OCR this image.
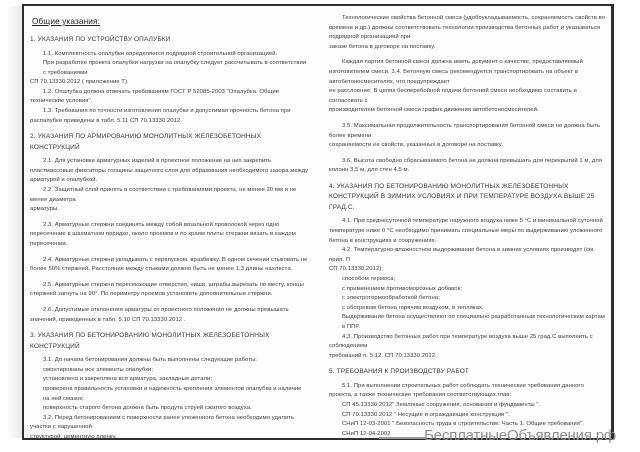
Общие указания:
1. УКАЗАНИЯ ПО УСТРОЙСТВУ ОПАЛУБКИ

1.1. Комплектность опалубки определяется подрядной строительной организацией.

При разработке проекта опалубки нагрузки на опалубку следует рассчитывать в соответствии с требованиями

СП 70.13330.2012 ( приложение Т).

1.2. Опалубка должна отвечать требованиям ГОСТ Р 52085-2003 "Опалубка. Общие технические условия".

1.3. Требования по точности изготовления опалубки и допустимая прочность бетона при распалубке приведены в табл. 5.11 СП 70.13330.2012.

2. УКАЗАНИЯ ПО АРМИРОВАНИЮ МОНОЛИТНЫХ ЖЕЛЕЗОБЕТОННЫХ КОНСТРУКЦИЙ

2.1. Для установки арматурных изделий в проектное положение на них закрепить пластмассовые фиксаторы толщины защитного слоя для образования необходимого зазора между арматурой и опалубкой.

2.2. Защитный слой принять в соответствии с требованиями проекта, не менее 20 мм и не менее диаметра

арматуры.

2.3. Арматурные стержни соединять между собой вязальной проволокой через одно пересечение в шахматном порядке, около проемов и по краям плиты стержни вязать в каждом пересечении.

2.4. Арматурные стержни укладывать с перепуском, вразбежку. В одном сечении стыковать не более 50% стержней. Расстояние между стыками должно быть не менее 1,3 длины нахлеста.

2.5. Арматурные стержни пересекающие отверстия, ниши, штрабы вырезать по месту, концы стержней загнуть на 90°. По периметру проемов установить дополнительные стержни.

2.6. Допустимые отклонения арматуры от проектного положения не должны превышать значений, приведенных в табл. 5.10 СП 70.13330.2012 .

3. УКАЗАНИЯ ПО БЕТОНИРОВАНИЮ МОНОЛИТНЫХ ЖЕЛЕЗОБЕТОННЫХ КОНСТРУКЦИЙ

3.1. До начала бетонирования должны быть выполнены следующие работы:

смонтированы все элементы опалубки;

установлена и закреплена вся арматура, закладные детали;

проверена правильность установки и надежность крепления элементов опалубки и наличие на ней смазок;

поверхность старого бетона должна быть продута струей сжатого воздуха.

3.2. Перед бетонированием с поверхности ранее уложенного бетона необходимо удалить участки с нарушенной

структурой, цементную пленку.

Технологические свойства бетонной смеси (удобоукладываемость, сохраняемость свойств во времени и др.) должны соответствовать технологии производства бетонных работ и указываться подрядной организацией при

заказе бетона в договоре на поставку.

Каждая партия бетонной смеси должна иметь документ о качестве, предоставляемый изготовителем смеси. 3.4. Бетонную смесь рекомендуется транспортировать на объект в автобетоносмесителях, что предупреждает

ее расслоение. В целях бесперебойной подачи бетонной смеси необходимо составить и согласовать с

производителем бетонной смеси график движения автобетоносмесителей.

3.5. Максимальная продолжительность транспортирования бетонной смеси не должна быть более времени

сохраняемости ее свойств, указанных в договоре на поставку.

3.6. Высота свободно сбрасываемого бетона не должна превышать для перекрытий 1 м, для колонн 3,5 м, для стен 4,5 м.

4. УКАЗАНИЯ ПО БЕТОНИРОВАНИЮ МОНОЛИТНЫХ ЖЕЛЕЗОБЕТОННЫХ КОНСТРУКЦИЙ В ЗИМНИХ УСЛОВИЯХ И ПРИ ТЕМПЕРАТУРЕ ВОЗДУХА ВЫШЕ 25 ГРАД.С.

4.1. При среднесуточной температуре наружного воздуха ниже 5 °С и минимальной суточной температуре ниже 0 °С необходимо принимать специальные меры по выдерживанию уложенного бетона в конструкциях и сооружениях.

4.2. Температурно-влажностное выдерживание бетона в зимних условиях производят (см. прил. П

СП 70.13330.2012):

способом термоса;

с применением противоморозных добавок;

с электротермообработкой бетона;

с обогревом бетона горячим воздухом, в тепляках.

Выдерживание бетона осуществляют по специально разработанным технологическим картам в ППР.

4.3. Производство бетонных работ при температуре воздуха выше 25 град.С выполнить с соблюдением

требований п. 5.12. СП 70.13330.2012.

5. ТРЕБОВАНИЯ К ПРОИЗВОДСТВУ РАБОТ

5.1. При выполнении строительных работ соблюдать технические требования данного проекта, а также технические требования соответствующих глав:

СП 45.13330.2012" Земляные сооружения, основания и фундаменты ".

СП 70.13330.2012 " Несущие и ограждающие конструкции ".

СНиП 12-03-2001 " Безопасность труда в строительстве. Часть 1. Общие требования".

СНиП 12-04-2002	БесплатныеОбъявления.рф
